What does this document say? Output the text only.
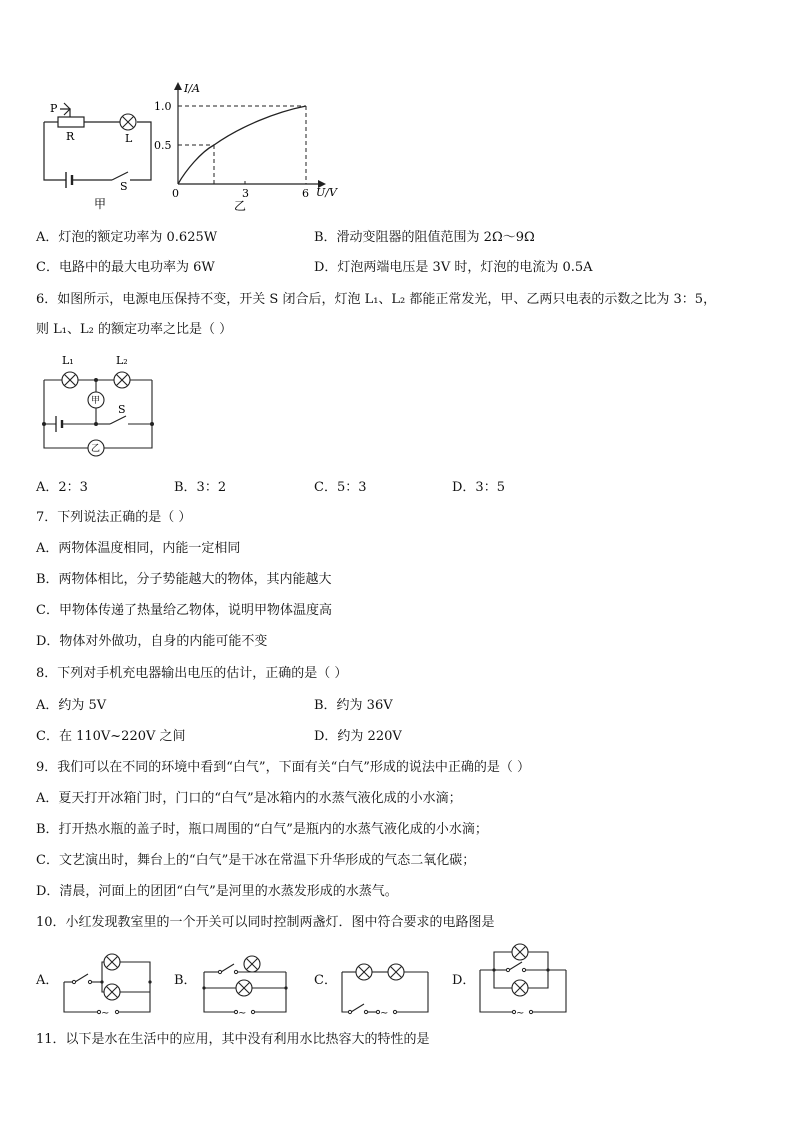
P
R	L
S
甲
I/A
U/V
1.0
0.5
0	3	6
乙
A．灯泡的额定功率为 0.625W	B．滑动变阻器的阻值范围为 2Ω～9Ω
C．电路中的最大电功率为 6W	D．灯泡两端电压是 3V 时，灯泡的电流为 0.5A
6．如图所示，电源电压保持不变，开关 S 闭合后，灯泡 L₁、L₂ 都能正常发光，甲、乙两只电表的示数之比为 3：5，
则 L₁、L₂ 的额定功率之比是（ ）
L₁	L₂
甲
乙
S
A．2：3	B．3：2	C．5：3	D．3：5
7．下列说法正确的是（ ）
A．两物体温度相同，内能一定相同
B．两物体相比，分子势能越大的物体，其内能越大
C．甲物体传递了热量给乙物体，说明甲物体温度高
D．物体对外做功，自身的内能可能不变
8．下列对手机充电器输出电压的估计，正确的是（ ）
A．约为 5V	B．约为 36V
C．在 110V~220V 之间	D．约为 220V
9．我们可以在不同的环境中看到“白气”，下面有关“白气”形成的说法中正确的是（ ）
A．夏天打开冰箱门时，门口的“白气”是冰箱内的水蒸气液化成的小水滴；
B．打开热水瓶的盖子时，瓶口周围的“白气”是瓶内的水蒸气液化成的小水滴；
C．文艺演出时，舞台上的“白气”是干冰在常温下升华形成的气态二氧化碳；
D．清晨，河面上的团团“白气”是河里的水蒸发形成的水蒸气。
10．小红发现教室里的一个开关可以同时控制两盏灯．图中符合要求的电路图是
A．
∼
B．
∼
C．
∼
D．
∼
11．以下是水在生活中的应用，其中没有利用水比热容大的特性的是
